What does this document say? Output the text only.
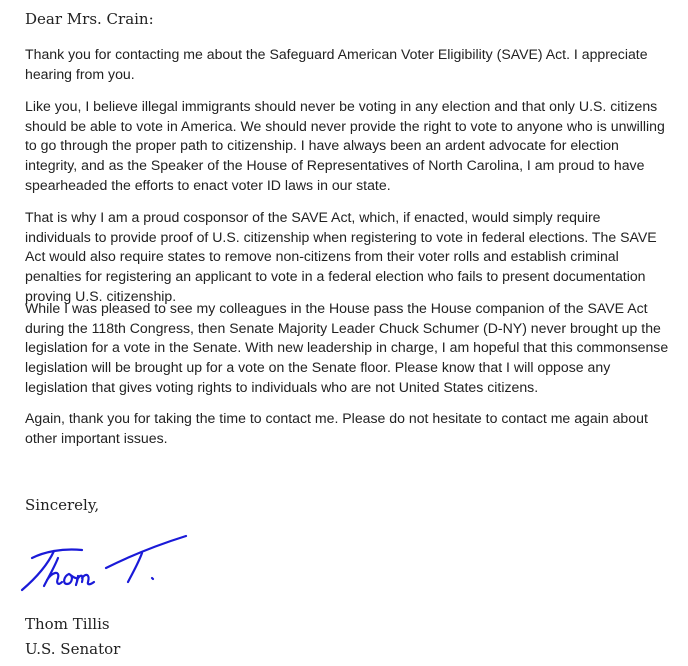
Dear Mrs. Crain:

Thank you for contacting me about the Safeguard American Voter Eligibility (SAVE) Act. I appreciate hearing from you.

Like you, I believe illegal immigrants should never be voting in any election and that only U.S. citizens should be able to vote in America. We should never provide the right to vote to anyone who is unwilling to go through the proper path to citizenship. I have always been an ardent advocate for election integrity, and as the Speaker of the House of Representatives of North Carolina, I am proud to have spearheaded the efforts to enact voter ID laws in our state.

That is why I am a proud cosponsor of the SAVE Act, which, if enacted, would simply require individuals to provide proof of U.S. citizenship when registering to vote in federal elections. The SAVE Act would also require states to remove non-citizens from their voter rolls and establish criminal penalties for registering an applicant to vote in a federal election who fails to present documentation proving U.S. citizenship.

While I was pleased to see my colleagues in the House pass the House companion of the SAVE Act during the 118th Congress, then Senate Majority Leader Chuck Schumer (D-NY) never brought up the legislation for a vote in the Senate. With new leadership in charge, I am hopeful that this commonsense legislation will be brought up for a vote on the Senate floor. Please know that I will oppose any legislation that gives voting rights to individuals who are not United States citizens.

Again, thank you for taking the time to contact me. Please do not hesitate to contact me again about other important issues.

Sincerely,

Thom Tillis

U.S. Senator
